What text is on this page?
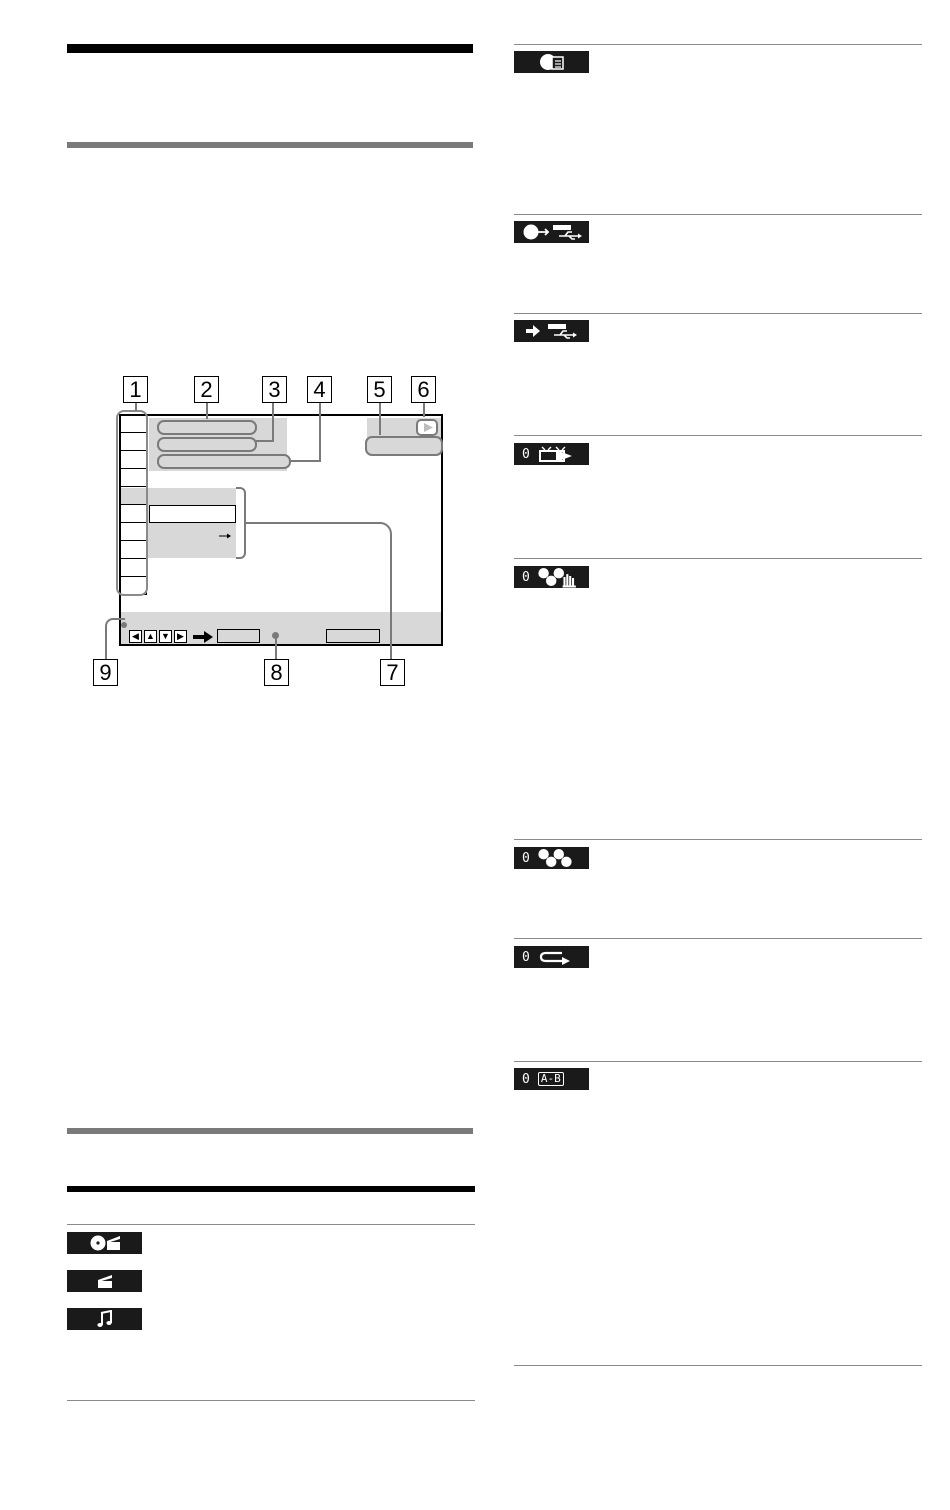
1	2	3 4 5 6
◀ ▲ ▼ ▶
9	8	7
0
0
0
0
0 A-B
